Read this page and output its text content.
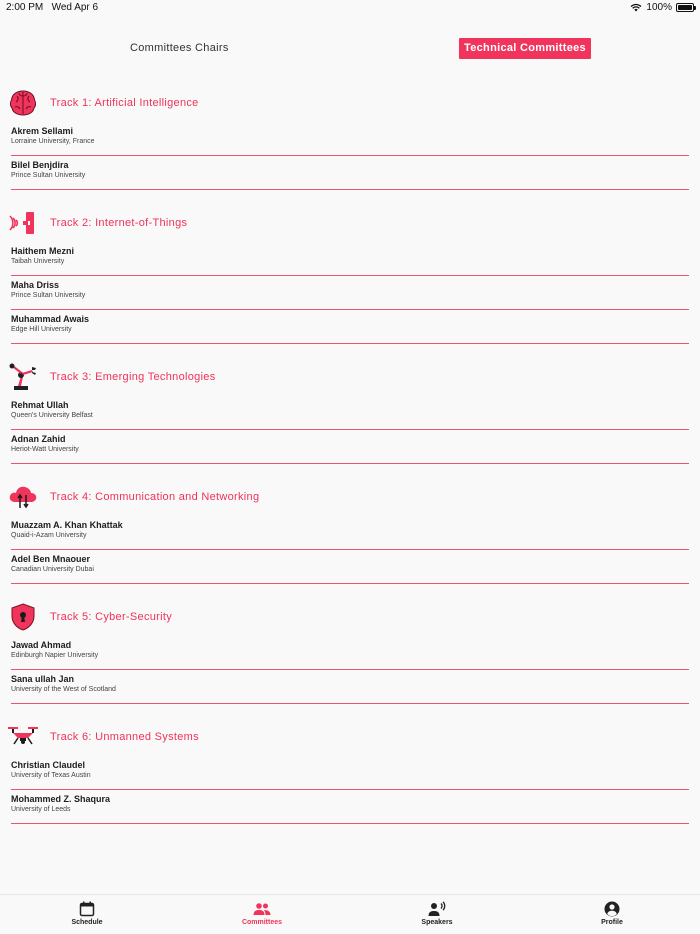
2:00 PM Wed Apr 6	100%
Committees Chairs	Technical Committees
Track 1: Artificial Intelligence
Akrem Sellami
Lorraine University, France
Bilel Benjdira
Prince Sultan University
Track 2: Internet-of-Things
Haithem Mezni
Taibah University
Maha Driss
Prince Sultan University
Muhammad Awais
Edge Hill University
Track 3: Emerging Technologies
Rehmat Ullah
Queen's University Belfast
Adnan Zahid
Heriot-Watt University
Track 4: Communication and Networking
Muazzam A. Khan Khattak
Quaid-i-Azam University
Adel Ben Mnaouer
Canadian University Dubai
Track 5: Cyber-Security
Jawad Ahmad
Edinburgh Napier University
Sana ullah Jan
University of the West of Scotland
Track 6: Unmanned Systems
Christian Claudel
University of Texas Austin
Mohammed Z. Shaqura
University of Leeds
Schedule	Committees	Speakers	Profile
